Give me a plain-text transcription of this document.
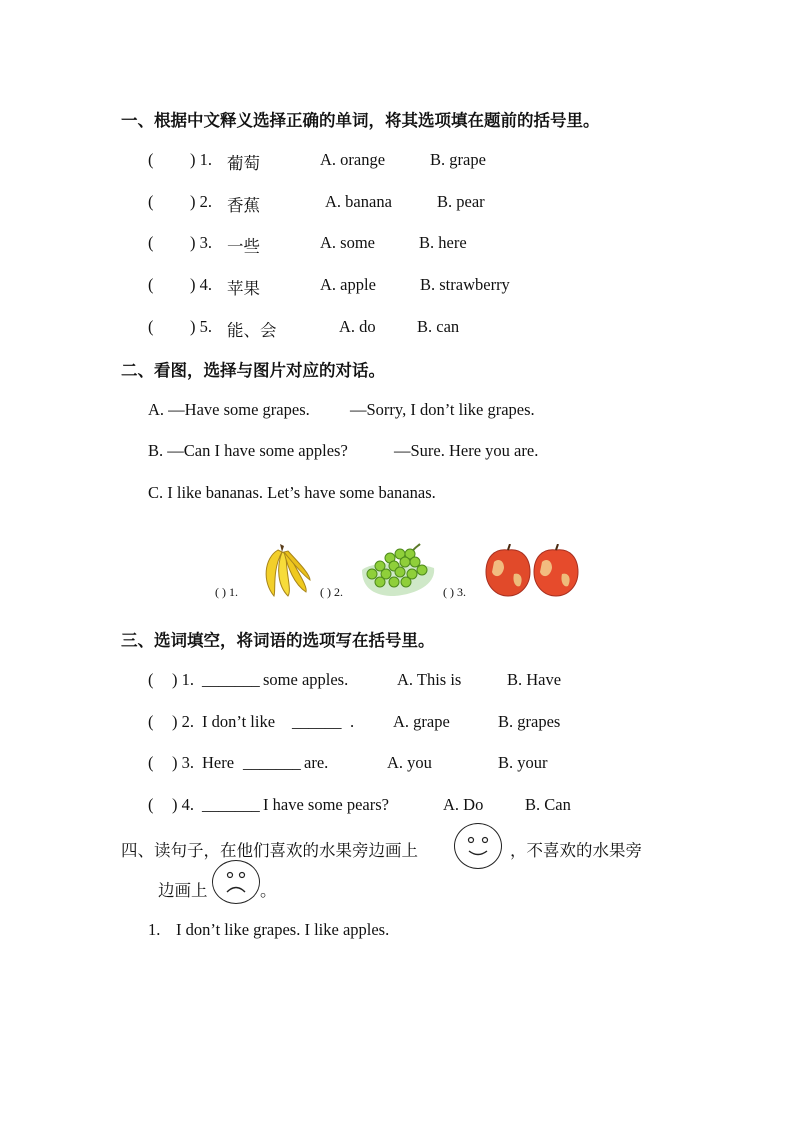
一、根据中文释义选择正确的单词，将其选项填在题前的括号里。
( ) 1. 葡萄	A. orange	B. grape
( ) 2. 香蕉	A. banana	B. pear
( ) 3. 一些	A. some	B. here
( ) 4. 苹果	A. apple	B. strawberry
( ) 5. 能、会	A. do	B. can
二、看图，选择与图片对应的对话。
A. —Have some grapes. —Sorry, I don’t like grapes.
B. —Can I have some apples?	—Sure. Here you are.
C. I like bananas. Let’s have some bananas.
( ) 1.	( ) 2.	( ) 3.
三、选词填空，将词语的选项写在括号里。
( ) 1. _______ some apples.	A. This is	B. Have
( ) 2. I don’t like ______ . A. grape	B. grapes
( ) 3. Here _______ are.	A. you	B. your
( ) 4. _______ I have some pears?	A. Do	B. Can
四、读句子，在他们喜欢的水果旁边画上	，不喜欢的水果旁
边画上	。
1. I don’t like grapes. I like apples.
